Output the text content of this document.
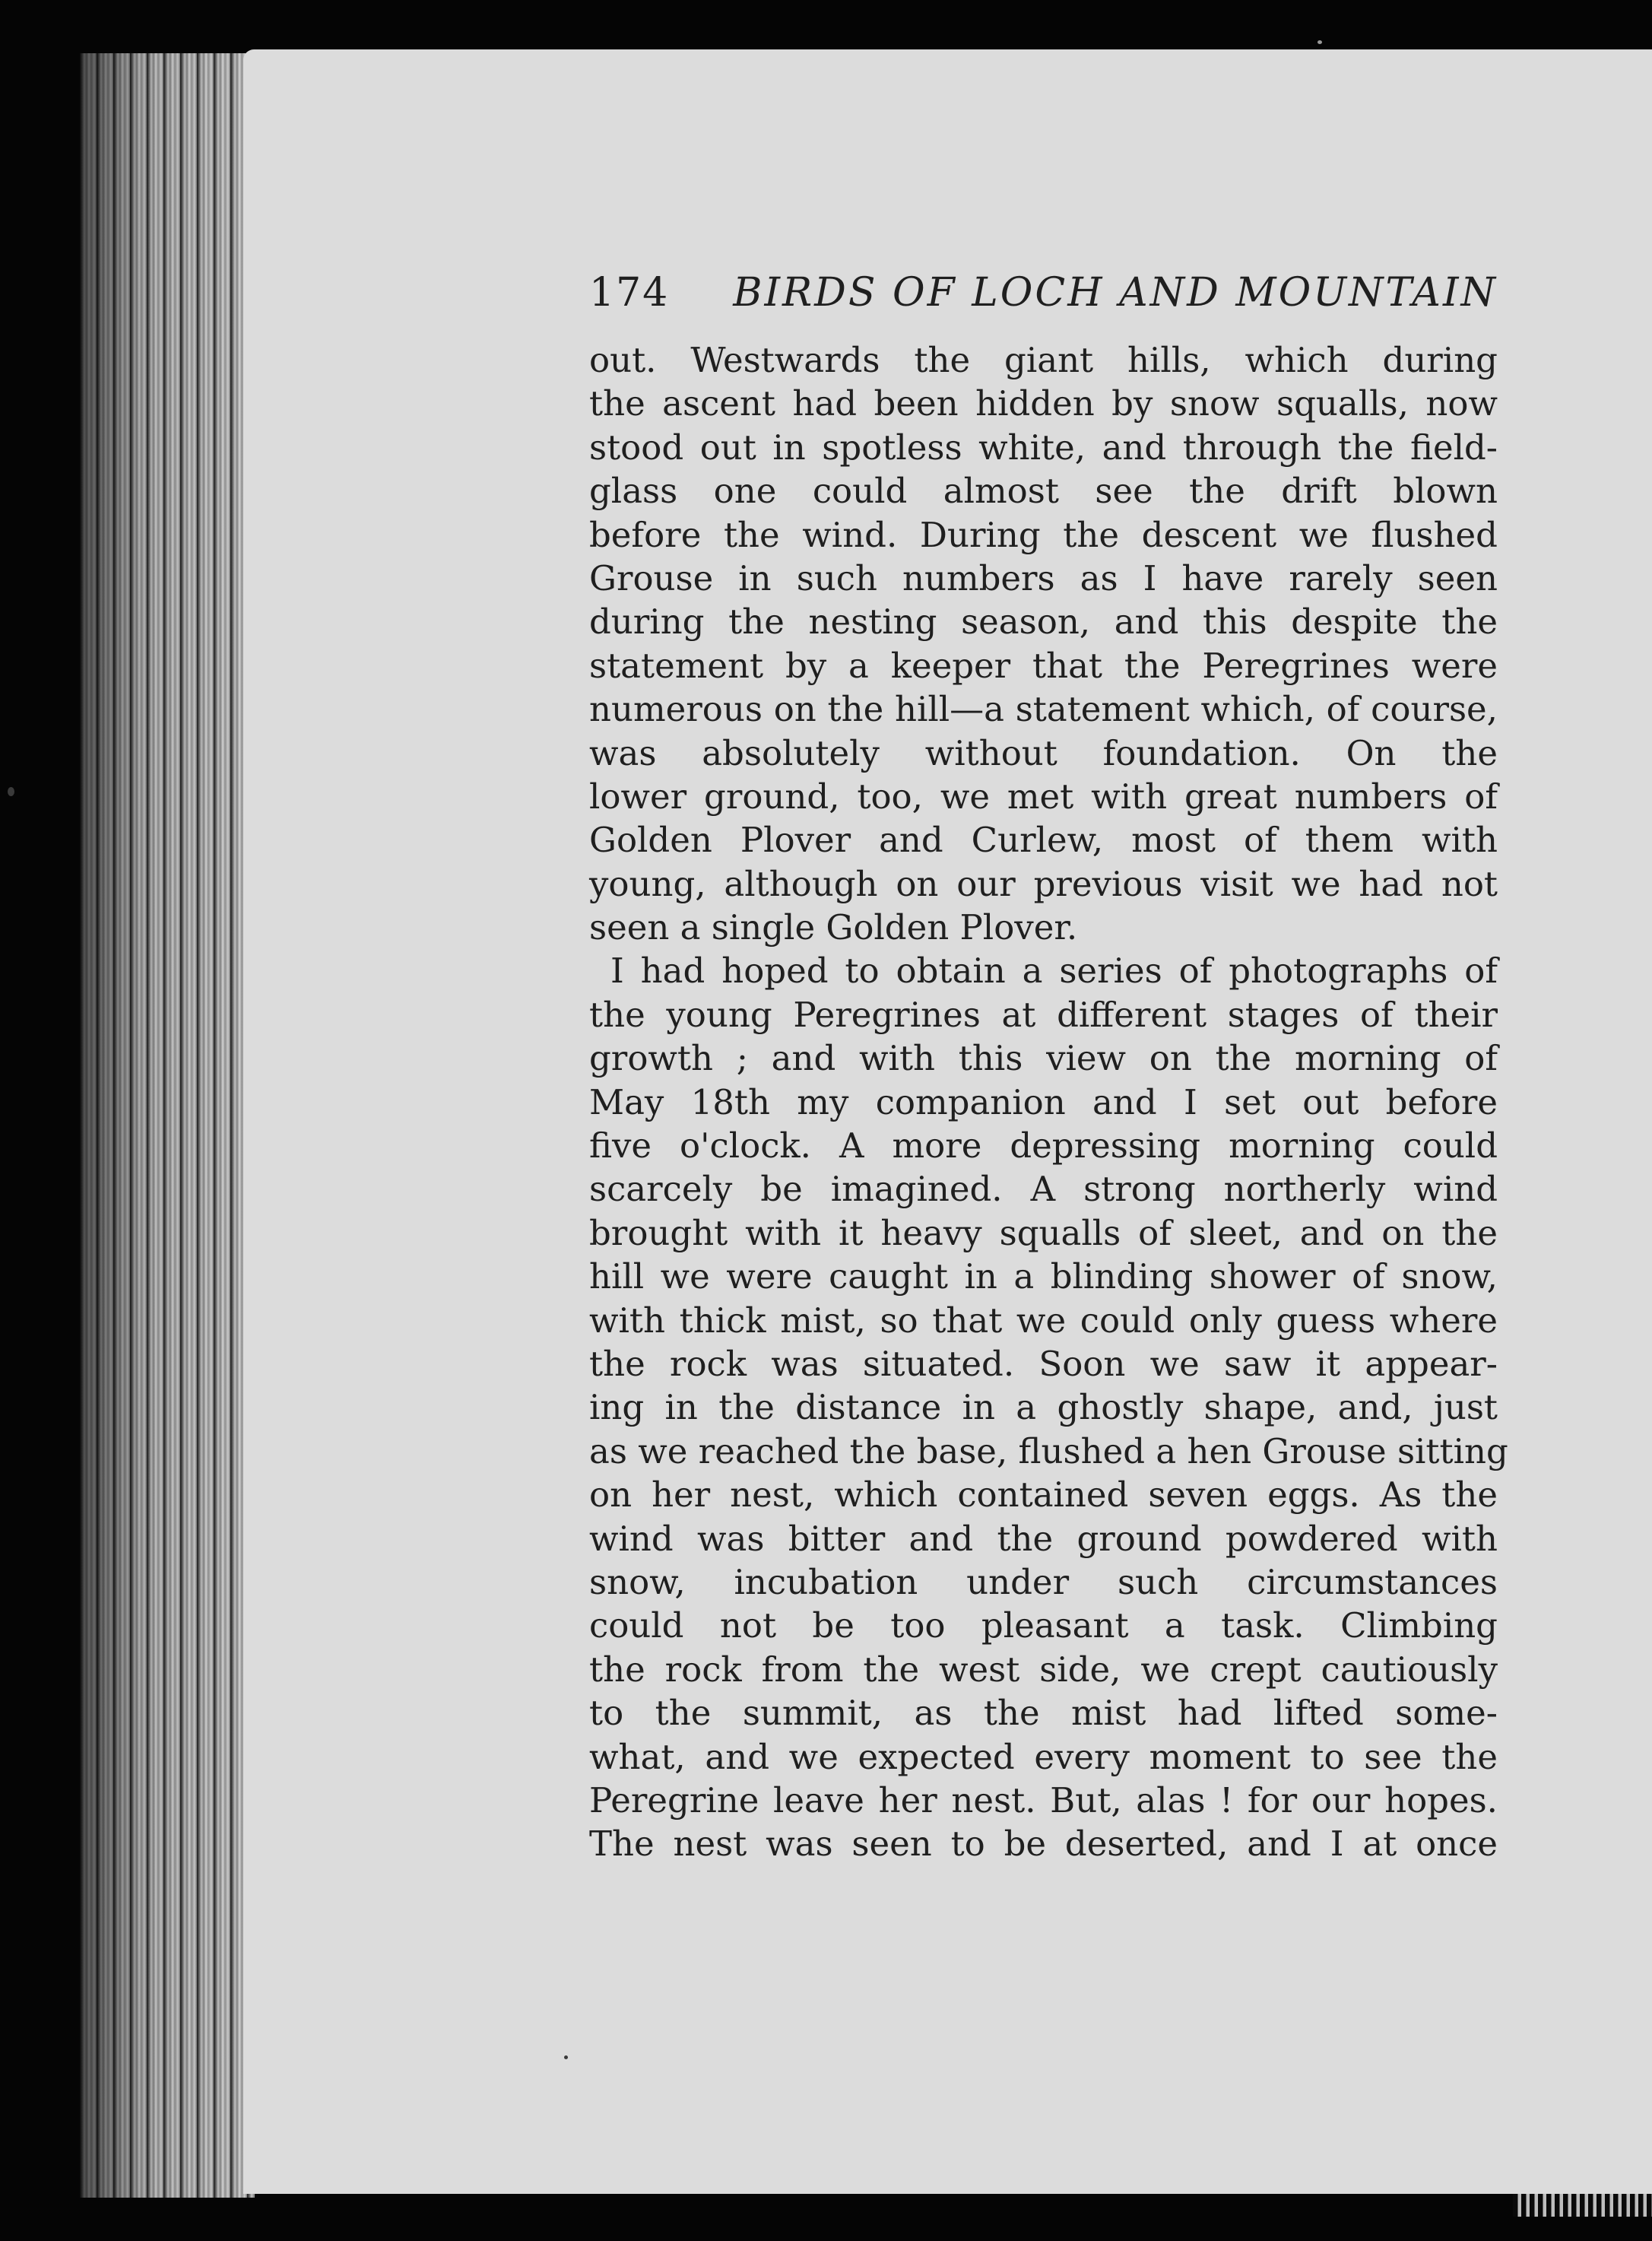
174 BIRDS OF LOCH AND MOUNTAIN
out. Westwards the giant hills, which during
the ascent had been hidden by snow squalls, now
stood out in spotless white, and through the field-
glass one could almost see the drift blown
before the wind. During the descent we flushed
Grouse in such numbers as I have rarely seen
during the nesting season, and this despite the
statement by a keeper that the Peregrines were
numerous on the hill—a statement which, of course,
was absolutely without foundation. On the
lower ground, too, we met with great numbers of
Golden Plover and Curlew, most of them with
young, although on our previous visit we had not
seen a single Golden Plover.
I had hoped to obtain a series of photographs of
the young Peregrines at different stages of their
growth ; and with this view on the morning of
May 18th my companion and I set out before
five o'clock. A more depressing morning could
scarcely be imagined. A strong northerly wind
brought with it heavy squalls of sleet, and on the
hill we were caught in a blinding shower of snow,
with thick mist, so that we could only guess where
the rock was situated. Soon we saw it appear-
ing in the distance in a ghostly shape, and, just
as we reached the base, flushed a hen Grouse sitting
on her nest, which contained seven eggs. As the
wind was bitter and the ground powdered with
snow, incubation under such circumstances
could not be too pleasant a task. Climbing
the rock from the west side, we crept cautiously
to the summit, as the mist had lifted some-
what, and we expected every moment to see the
Peregrine leave her nest. But, alas ! for our hopes.
The nest was seen to be deserted, and I at once
